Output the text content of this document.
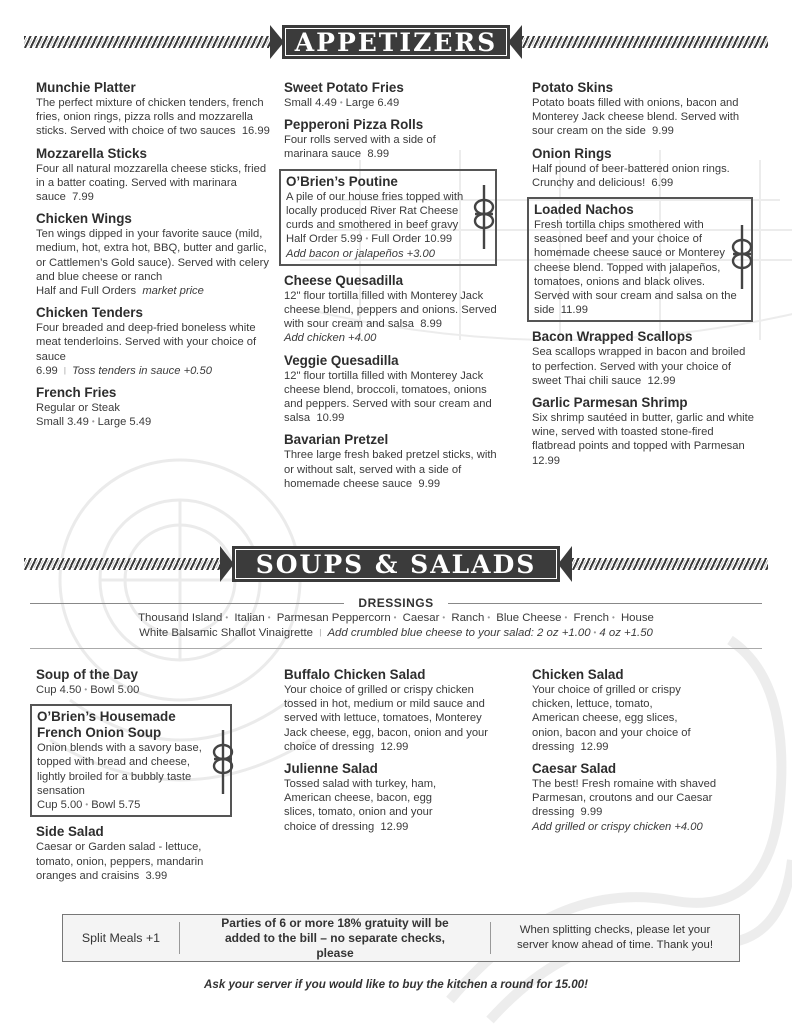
APPETIZERS
Munchie Platter
The perfect mixture of chicken tenders, french fries, onion rings, pizza rolls and mozzarella sticks. Served with choice of two sauces 16.99
Mozzarella Sticks
Four all natural mozzarella cheese sticks, fried in a batter coating. Served with marinara sauce 7.99
Chicken Wings
Ten wings dipped in your favorite sauce (mild, medium, hot, extra hot, BBQ, butter and garlic, or Cattlemen’s Gold sauce). Served with celery and blue cheese or ranch
Half and Full Orders market price
Chicken Tenders
Four breaded and deep-fried boneless white meat tenderloins. Served with your choice of sauce
6.99 | Toss tenders in sauce +0.50
French Fries
Regular or Steak
Small 3.49 • Large 5.49
Sweet Potato Fries
Small 4.49 • Large 6.49
Pepperoni Pizza Rolls
Four rolls served with a side of marinara sauce 8.99
O’Brien’s Poutine
A pile of our house fries topped with locally produced River Rat Cheese curds and smothered in beef gravy
Half Order 5.99 • Full Order 10.99
Add bacon or jalapeños +3.00
Cheese Quesadilla
12" flour tortilla filled with Monterey Jack cheese blend, peppers and onions. Served with sour cream and salsa 8.99
Add chicken +4.00
Veggie Quesadilla
12" flour tortilla filled with Monterey Jack cheese blend, broccoli, tomatoes, onions and peppers. Served with sour cream and salsa 10.99
Bavarian Pretzel
Three large fresh baked pretzel sticks, with or without salt, served with a side of homemade cheese sauce 9.99
Potato Skins
Potato boats filled with onions, bacon and Monterey Jack cheese blend. Served with sour cream on the side 9.99
Onion Rings
Half pound of beer-battered onion rings. Crunchy and delicious! 6.99
Loaded Nachos
Fresh tortilla chips smothered with seasoned beef and your choice of homemade cheese sauce or Monterey cheese blend. Topped with jalapeños, tomatoes, onions and black olives. Served with sour cream and salsa on the side 11.99
Bacon Wrapped Scallops
Sea scallops wrapped in bacon and broiled to perfection. Served with your choice of sweet Thai chili sauce 12.99
Garlic Parmesan Shrimp
Six shrimp sautéed in butter, garlic and white wine, served with toasted stone-fired flatbread points and topped with Parmesan  12.99
SOUPS & SALADS
DRESSINGS
Thousand Island • Italian • Parmesan Peppercorn • Caesar • Ranch • Blue Cheese • French • House
White Balsamic Shallot Vinaigrette | Add crumbled blue cheese to your salad: 2 oz +1.00 • 4 oz +1.50
Soup of the Day
Cup 4.50 • Bowl 5.00
O’Brien’s Housemade
French Onion Soup
Onion blends with a savory base, topped with bread and cheese, lightly broiled for a bubbly taste sensation
Cup 5.00 • Bowl 5.75
Side Salad
Caesar or Garden salad - lettuce, tomato, onion, peppers, mandarin oranges and craisins 3.99
Buffalo Chicken Salad
Your choice of grilled or crispy chicken tossed in hot, medium or mild sauce and served with lettuce, tomatoes, Monterey Jack cheese, egg, bacon, onion and your choice of dressing 12.99
Julienne Salad
Tossed salad with turkey, ham, American cheese, bacon, egg slices, tomato, onion and your choice of dressing 12.99
Chicken Salad
Your choice of grilled or crispy chicken, lettuce, tomato, American cheese, egg slices, onion, bacon and your choice of dressing 12.99
Caesar Salad
The best! Fresh romaine with shaved Parmesan, croutons and our Caesar dressing 9.99
Add grilled or crispy chicken +4.00
Split Meals +1
Parties of 6 or more 18% gratuity will be added to the bill – no separate checks, please
When splitting checks, please let your server know ahead of time. Thank you!
Ask your server if you would like to buy the kitchen a round for 15.00!
